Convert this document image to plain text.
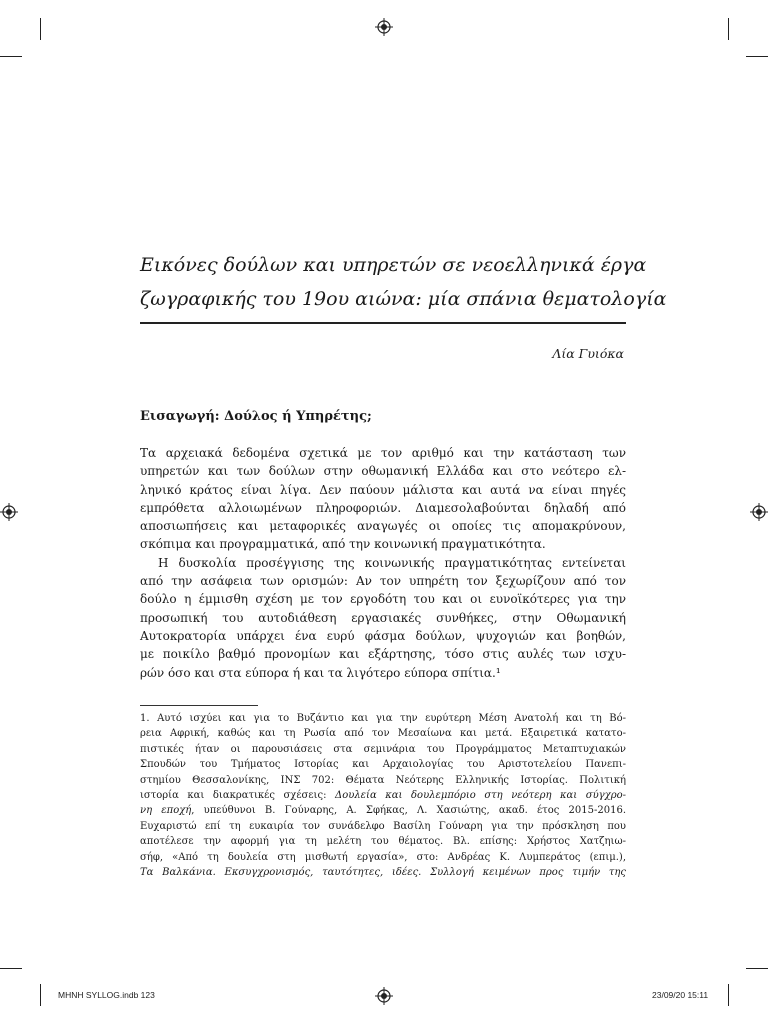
Εικόνες δούλων και υπηρετών σε νεοελληνικά έργα
ζωγραφικής του 19ου αιώνα: μία σπάνια θεματολογία
Λία Γυιόκα
Εισαγωγή: Δούλος ή Υπηρέτης;
Τα αρχειακά δεδομένα σχετικά με τον αριθμό και την κατάσταση των
υπηρετών και των δούλων στην οθωμανική Ελλάδα και στο νεότερο ελ-
ληνικό κράτος είναι λίγα. Δεν παύουν μάλιστα και αυτά να είναι πηγές
εμπρόθετα αλλοιωμένων πληροφοριών. Διαμεσολαβούνται δηλαδή από
αποσιωπήσεις και μεταφορικές αναγωγές οι οποίες τις απομακρύνουν,
σκόπιμα και προγραμματικά, από την κοινωνική πραγματικότητα.
Η δυσκολία προσέγγισης της κοινωνικής πραγματικότητας εντείνεται
από την ασάφεια των ορισμών: Αν τον υπηρέτη τον ξεχωρίζουν από τον
δούλο η έμμισθη σχέση με τον εργοδότη του και οι ευνοϊκότερες για την
προσωπική του αυτοδιάθεση εργασιακές συνθήκες, στην Οθωμανική
Αυτοκρατορία υπάρχει ένα ευρύ φάσμα δούλων, ψυχογιών και βοηθών,
με ποικίλο βαθμό προνομίων και εξάρτησης, τόσο στις αυλές των ισχυ-
ρών όσο και στα εύπορα ή και τα λιγότερο εύπορα σπίτια.¹
1. Αυτό ισχύει και για το Βυζάντιο και για την ευρύτερη Μέση Ανατολή και τη Βό-
ρεια Αφρική, καθώς και τη Ρωσία από τον Μεσαίωνα και μετά. Εξαιρετικά κατατο-
πιστικές ήταν οι παρουσιάσεις στα σεμινάρια του Προγράμματος Μεταπτυχιακών
Σπουδών του Τμήματος Ιστορίας και Αρχαιολογίας του Αριστοτελείου Πανεπι-
στημίου Θεσσαλονίκης, ΙΝΣ 702: Θέματα Νεότερης Ελληνικής Ιστορίας. Πολιτική
ιστορία και διακρατικές σχέσεις: Δουλεία και δουλεμπόριο στη νεότερη και σύγχρο-
νη εποχή, υπεύθυνοι Β. Γούναρης, Α. Σφήκας, Λ. Χασιώτης, ακαδ. έτος 2015-2016.
Ευχαριστώ επί τη ευκαιρία τον συνάδελφο Βασίλη Γούναρη για την πρόσκληση που
αποτέλεσε την αφορμή για τη μελέτη του θέματος. Βλ. επίσης: Χρήστος Χατζηιω-
σήφ, «Από τη δουλεία στη μισθωτή εργασία», στο: Ανδρέας Κ. Λυμπεράτος (επιμ.),
Τα Βαλκάνια. Εκσυγχρονισμός, ταυτότητες, ιδέες. Συλλογή κειμένων προς τιμήν της
MHNH SYLLOG.indb 123	23/09/20 15:11
